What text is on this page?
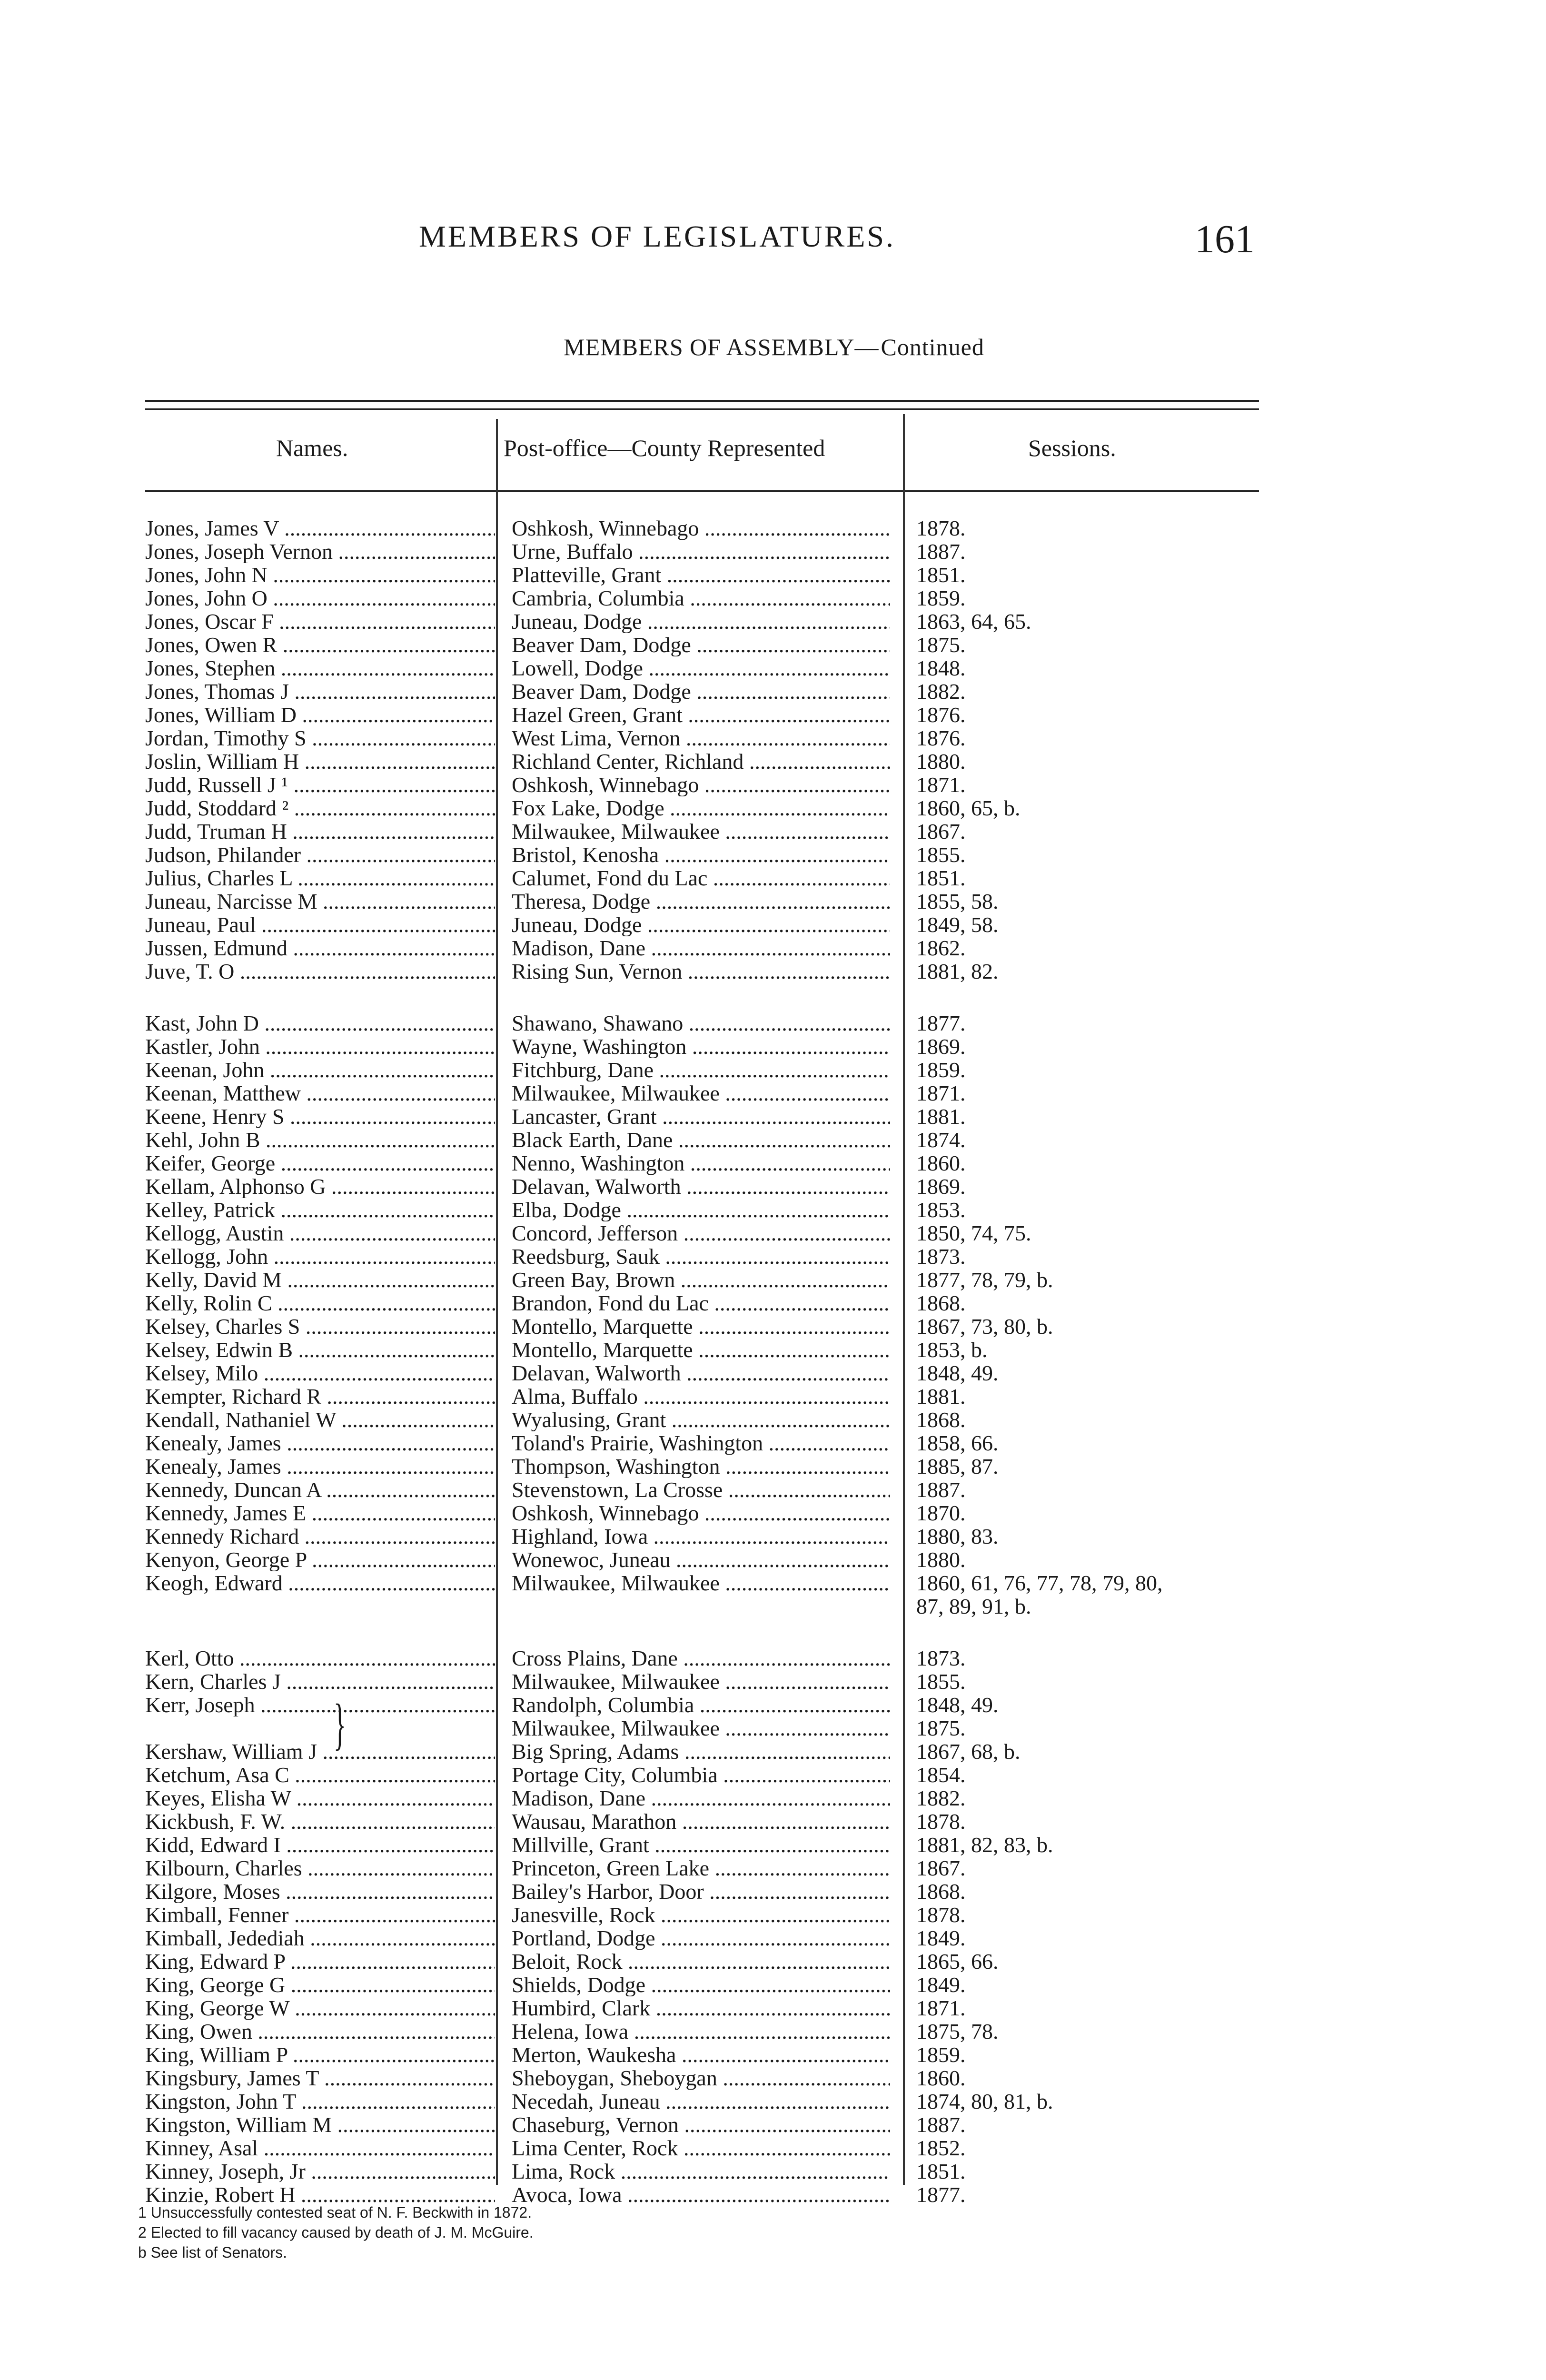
MEMBERS OF LEGISLATURES.	161
MEMBERS OF ASSEMBLY—Continued
Names.	Post-office—County Represented	Sessions.
Jones, James V .....	Oshkosh, Winnebago .....	1878.
Jones, Joseph Vernon .....	Urne, Buffalo .....	1887.
Jones, John N .....	Platteville, Grant .....	1851.
Jones, John O .....	Cambria, Columbia .....	1859.
Jones, Oscar F .....	Juneau, Dodge .....	1863, 64, 65.
Jones, Owen R .....	Beaver Dam, Dodge .....	1875.
Jones, Stephen .....	Lowell, Dodge .....	1848.
Jones, Thomas J .....	Beaver Dam, Dodge .....	1882.
Jones, William D .....	Hazel Green, Grant .....	1876.
Jordan, Timothy S .....	West Lima, Vernon .....	1876.
Joslin, William H .....	Richland Center, Richland .....	1880.
Judd, Russell J ¹ .....	Oshkosh, Winnebago .....	1871.
Judd, Stoddard ² .....	Fox Lake, Dodge .....	1860, 65, b.
Judd, Truman H .....	Milwaukee, Milwaukee .....	1867.
Judson, Philander .....	Bristol, Kenosha .....	1855.
Julius, Charles L .....	Calumet, Fond du Lac .....	1851.
Juneau, Narcisse M .....	Theresa, Dodge .....	1855, 58.
Juneau, Paul .....	Juneau, Dodge .....	1849, 58.
Jussen, Edmund .....	Madison, Dane .....	1862.
Juve, T. O .....	Rising Sun, Vernon .....	1881, 82.
Kast, John D .....	Shawano, Shawano .....	1877.
Kastler, John .....	Wayne, Washington .....	1869.
Keenan, John .....	Fitchburg, Dane .....	1859.
Keenan, Matthew .....	Milwaukee, Milwaukee .....	1871.
Keene, Henry S .....	Lancaster, Grant .....	1881.
Kehl, John B .....	Black Earth, Dane .....	1874.
Keifer, George .....	Nenno, Washington .....	1860.
Kellam, Alphonso G .....	Delavan, Walworth .....	1869.
Kelley, Patrick .....	Elba, Dodge .....	1853.
Kellogg, Austin .....	Concord, Jefferson .....	1850, 74, 75.
Kellogg, John .....	Reedsburg, Sauk .....	1873.
Kelly, David M .....	Green Bay, Brown .....	1877, 78, 79, b.
Kelly, Rolin C .....	Brandon, Fond du Lac .....	1868.
Kelsey, Charles S .....	Montello, Marquette .....	1867, 73, 80, b.
Kelsey, Edwin B .....	Montello, Marquette .....	1853, b.
Kelsey, Milo .....	Delavan, Walworth .....	1848, 49.
Kempter, Richard R .....	Alma, Buffalo .....	1881.
Kendall, Nathaniel W .....	Wyalusing, Grant .....	1868.
Kenealy, James .....	Toland's Prairie, Washington .....	1858, 66.
Kenealy, James .....	Thompson, Washington .....	1885, 87.
Kennedy, Duncan A .....	Stevenstown, La Crosse .....	1887.
Kennedy, James E .....	Oshkosh, Winnebago .....	1870.
Kennedy Richard .....	Highland, Iowa .....	1880, 83.
Kenyon, George P .....	Wonewoc, Juneau .....	1880.
Keogh, Edward .....	Milwaukee, Milwaukee .....	1860, 61, 76, 77, 78, 79, 80,
87, 89, 91, b.
Kerl, Otto .....	Cross Plains, Dane .....	1873.
Kern, Charles J .....	Milwaukee, Milwaukee .....	1855.
Kerr, Joseph .....	Randolph, Columbia .....	1848, 49.
Milwaukee, Milwaukee .....	1875.
Kershaw, William J .....	Big Spring, Adams .....	1867, 68, b.
Ketchum, Asa C .....	Portage City, Columbia .....	1854.
Keyes, Elisha W .....	Madison, Dane .....	1882.
Kickbush, F. W. .....	Wausau, Marathon .....	1878.
Kidd, Edward I .....	Millville, Grant .....	1881, 82, 83, b.
Kilbourn, Charles .....	Princeton, Green Lake .....	1867.
Kilgore, Moses .....	Bailey's Harbor, Door .....	1868.
Kimball, Fenner .....	Janesville, Rock .....	1878.
Kimball, Jedediah .....	Portland, Dodge .....	1849.
King, Edward P .....	Beloit, Rock .....	1865, 66.
King, George G .....	Shields, Dodge .....	1849.
King, George W .....	Humbird, Clark .....	1871.
King, Owen .....	Helena, Iowa .....	1875, 78.
King, William P .....	Merton, Waukesha .....	1859.
Kingsbury, James T .....	Sheboygan, Sheboygan .....	1860.
Kingston, John T .....	Necedah, Juneau .....	1874, 80, 81, b.
Kingston, William M .....	Chaseburg, Vernon .....	1887.
Kinney, Asal .....	Lima Center, Rock .....	1852.
Kinney, Joseph, Jr .....	Lima, Rock .....	1851.
Kinzie, Robert H .....	Avoca, Iowa .....	1877.
}
1 Unsuccessfully contested seat of N. F. Beckwith in 1872.
2 Elected to fill vacancy caused by death of J. M. McGuire.
b See list of Senators.
